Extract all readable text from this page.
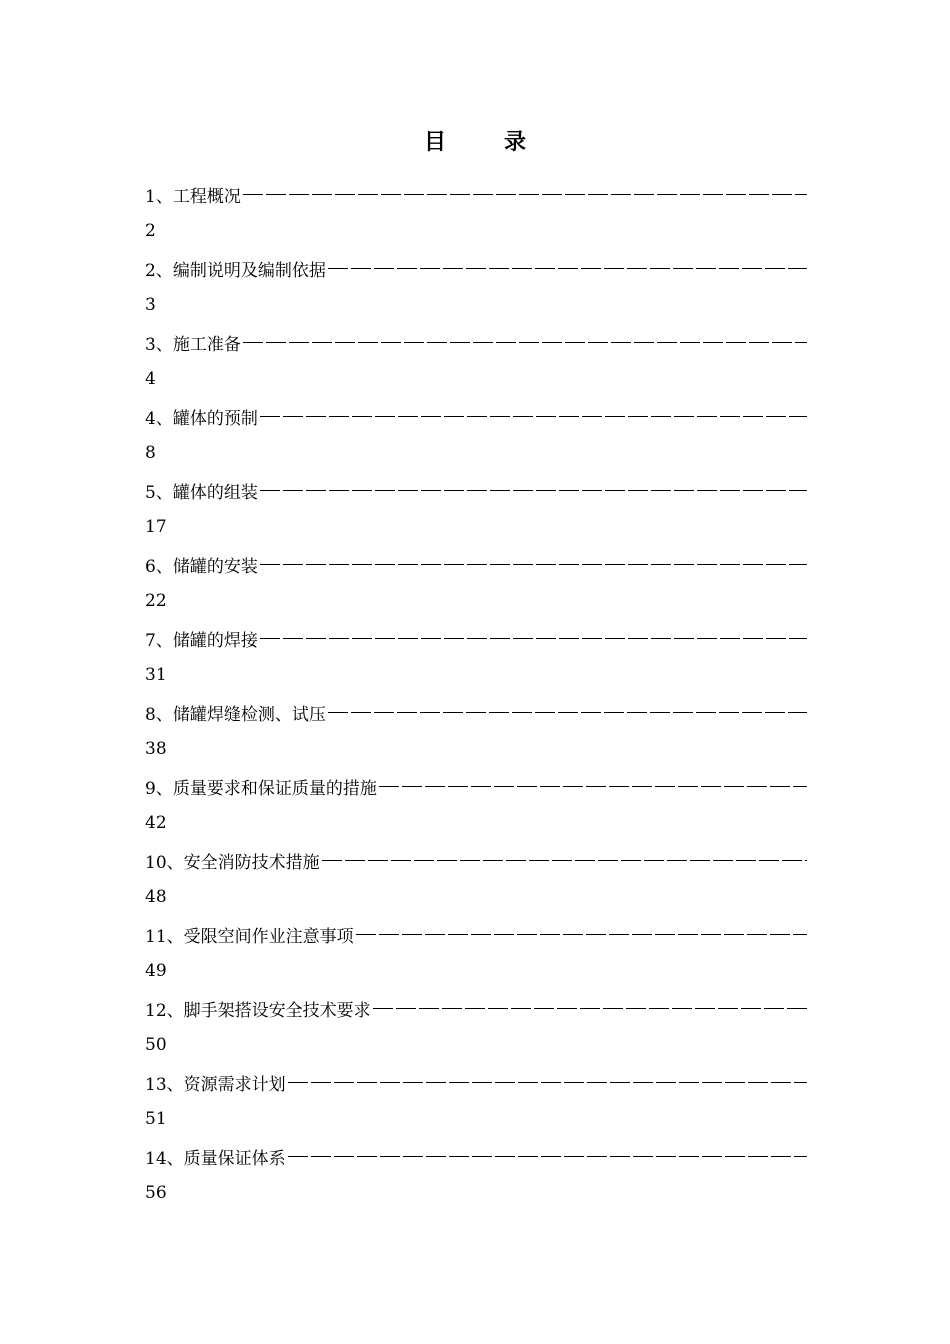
目	录
1、工程概况
2
2、编制说明及编制依据
3
3、施工准备
4
4、罐体的预制
8
5、罐体的组装
17
6、储罐的安装
22
7、储罐的焊接
31
8、储罐焊缝检测、试压
38
9、质量要求和保证质量的措施
42
10、安全消防技术措施
48
11、受限空间作业注意事项
49
12、脚手架搭设安全技术要求
50
13、资源需求计划
51
14、质量保证体系
56
